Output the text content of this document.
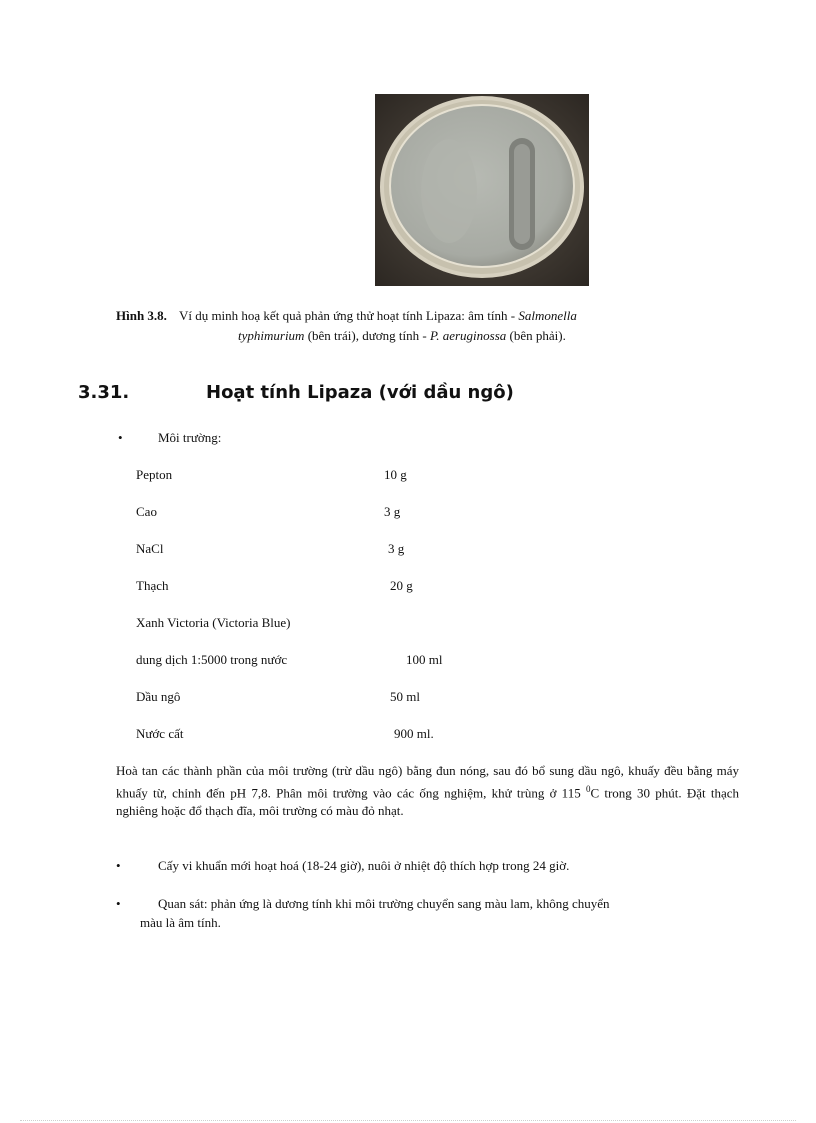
Hình 3.8. Ví dụ minh hoạ kết quả phản ứng thử hoạt tính Lipaza: âm tính - Salmonella
typhimurium (bên trái), dương tính - P. aeruginossa (bên phải).
3.31.	Hoạt tính Lipaza (với dầu ngô)
•	Môi trường:
Pepton	10 g
Cao	3 g
NaCl	3 g
Thạch	20 g
Xanh Victoria (Victoria Blue)
dung dịch 1:5000 trong nước	100 ml
Dầu ngô	50 ml
Nước cất	900 ml.
Hoà tan các thành phần của môi trường (trừ dầu ngô) bằng đun nóng, sau đó bổ sung dầu ngô, khuấy đều bằng máy khuấy từ, chỉnh đến pH 7,8. Phân môi trường vào các ống nghiệm, khử trùng ở 115 $^0$C trong 30 phút. Đặt thạch nghiêng hoặc đổ thạch đĩa, môi trường có màu đỏ nhạt.
•	Cấy vi khuẩn mới hoạt hoá (18-24 giờ), nuôi ở nhiệt độ thích hợp trong 24 giờ.
•	Quan sát: phản ứng là dương tính khi môi trường chuyển sang màu lam, không chuyển
màu là âm tính.
